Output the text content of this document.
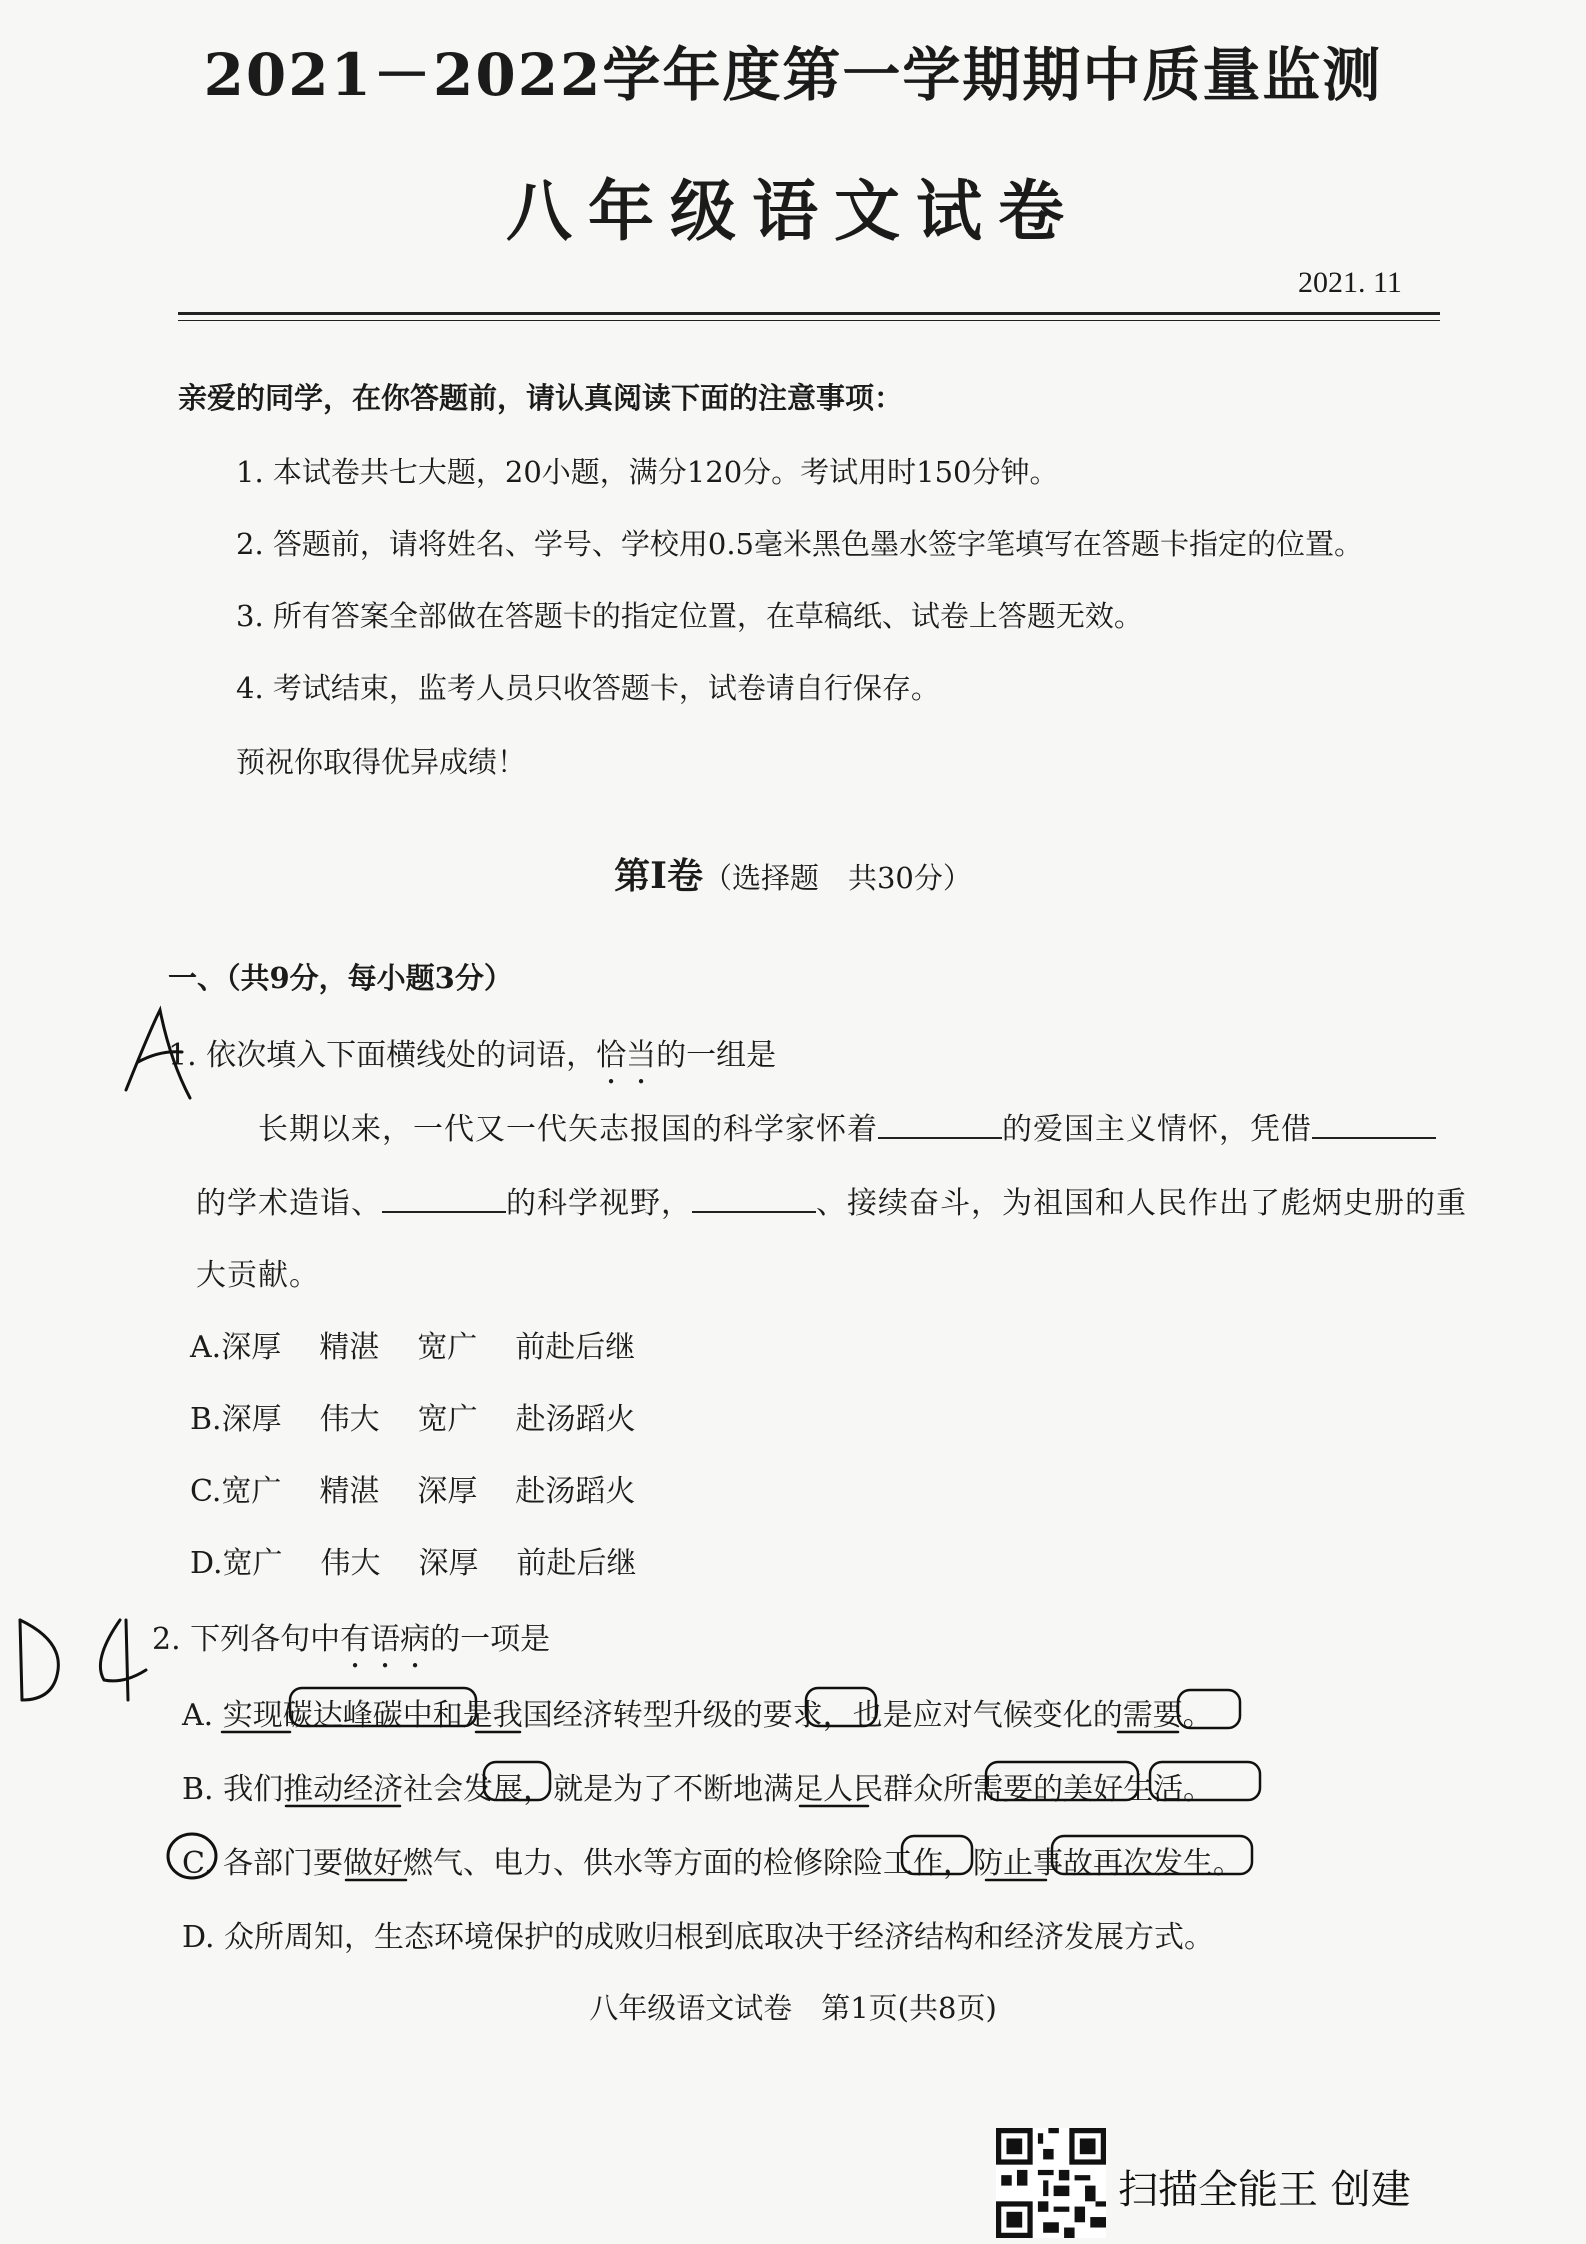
2021－2022学年度第一学期期中质量监测
八年级语文试卷
2021. 11
亲爱的同学，在你答题前，请认真阅读下面的注意事项：
1. 本试卷共七大题，20小题，满分120分。考试用时150分钟。
2. 答题前，请将姓名、学号、学校用0.5毫米黑色墨水签字笔填写在答题卡指定的位置。
3. 所有答案全部做在答题卡的指定位置，在草稿纸、试卷上答题无效。
4. 考试结束，监考人员只收答题卡，试卷请自行保存。
预祝你取得优异成绩！
第Ⅰ卷（选择题　共30分）
一、（共9分，每小题3分）
1. 依次填入下面横线处的词语，恰当的一组是
长期以来，一代又一代矢志报国的科学家怀着	的爱国主义情怀，凭借
的学术造诣、	的科学视野，	、接续奋斗，为祖国和人民作出了彪炳史册的重
大贡献。
A.深厚 精湛 宽广 前赴后继
B.深厚 伟大 宽广 赴汤蹈火
C.宽广 精湛 深厚 赴汤蹈火
D.宽广 伟大 深厚 前赴后继
2. 下列各句中有语病的一项是
A. 实现碳达峰碳中和是我国经济转型升级的要求，也是应对气候变化的需要。
B. 我们推动经济社会发展，就是为了不断地满足人民群众所需要的美好生活。
C. 各部门要做好燃气、电力、供水等方面的检修除险工作，防止事故再次发生。
D. 众所周知，生态环境保护的成败归根到底取决于经济结构和经济发展方式。
八年级语文试卷　第1页(共8页)
扫描全能王 创建
